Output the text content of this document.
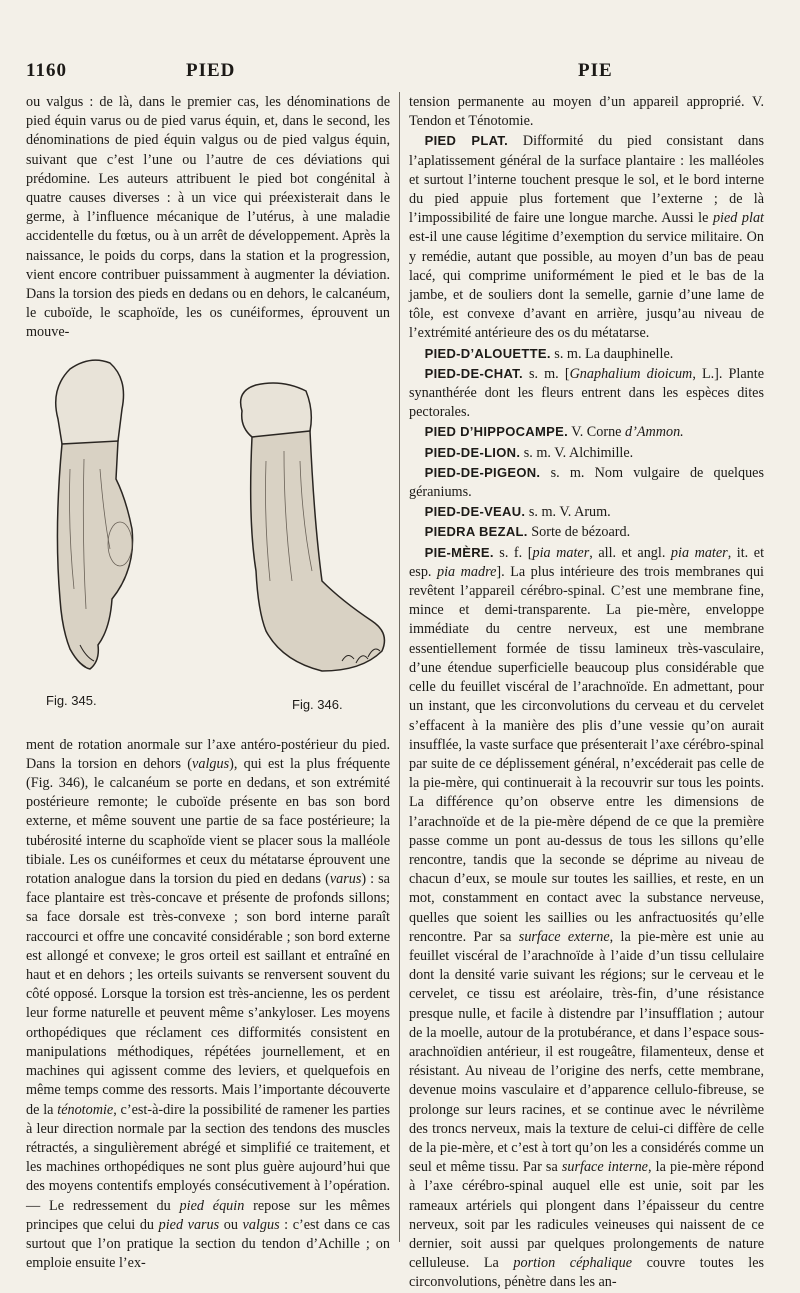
1160	PIED	PIE

ou valgus : de là, dans le premier cas, les dénominations de pied équin varus ou de pied varus équin, et, dans le second, les dénominations de pied équin valgus ou de pied valgus équin, suivant que c’est l’une ou l’autre de ces déviations qui prédomine. Les auteurs attribuent le pied bot congénital à quatre causes diverses : à un vice qui préexisterait dans le germe, à l’influence mécanique de l’utérus, à une maladie accidentelle du fœtus, ou à un arrêt de développement. Après la naissance, le poids du corps, dans la station et la progression, vient encore contribuer puissamment à augmenter la déviation. Dans la torsion des pieds en dedans ou en dehors, le calcanéum, le cuboïde, le scaphoïde, les os cunéiformes, éprouvent un mouve-

Fig. 345.	Fig. 346.

ment de rotation anormale sur l’axe antéro-postérieur du pied. Dans la torsion en dehors (valgus), qui est la plus fréquente (Fig. 346), le calcanéum se porte en dedans, et son extrémité postérieure remonte; le cuboïde présente en bas son bord externe, et même souvent une partie de sa face postérieure; la tubérosité interne du scaphoïde vient se placer sous la malléole tibiale. Les os cunéiformes et ceux du métatarse éprouvent une rotation analogue dans la torsion du pied en dedans (varus) : sa face plantaire est très-concave et présente de profonds sillons; sa face dorsale est très-convexe ; son bord interne paraît raccourci et offre une concavité considérable ; son bord externe est allongé et convexe; le gros orteil est saillant et entraîné en haut et en dehors ; les orteils suivants se renversent souvent du côté opposé. Lorsque la torsion est très-ancienne, les os perdent leur forme naturelle et peuvent même s’ankyloser. Les moyens orthopédiques que réclament ces difformités consistent en manipulations méthodiques, répétées journellement, et en machines qui agissent comme des leviers, et quelquefois en même temps comme des ressorts. Mais l’importante découverte de la ténotomie, c’est-à-dire la possibilité de ramener les parties à leur direction normale par la section des tendons des muscles rétractés, a singulièrement abrégé et simplifié ce traitement, et les machines orthopédiques ne sont plus guère aujourd’hui que des moyens contentifs employés consécutivement à l’opération.— Le redressement du pied équin repose sur les mêmes principes que celui du pied varus ou valgus : c’est dans ce cas surtout que l’on pratique la section du tendon d’Achille ; on emploie ensuite l’ex-

tension permanente au moyen d’un appareil approprié. V. Tendon et Ténotomie.

PIED PLAT. Difformité du pied consistant dans l’aplatissement général de la surface plantaire : les malléoles et surtout l’interne touchent presque le sol, et le bord interne du pied appuie plus fortement que l’externe ; de là l’impossibilité de faire une longue marche. Aussi le pied plat est-il une cause légitime d’exemption du service militaire. On y remédie, autant que possible, au moyen d’un bas de peau lacé, qui comprime uniformément le pied et le bas de la jambe, et de souliers dont la semelle, garnie d’une lame de tôle, est convexe d’avant en arrière, jusqu’au niveau de l’extrémité antérieure des os du métatarse.

PIED-D’ALOUETTE. s. m. La dauphinelle.

PIED-DE-CHAT. s. m. [Gnaphalium dioicum, L.]. Plante synanthérée dont les fleurs entrent dans les espèces dites pectorales.

PIED D’HIPPOCAMPE. V. Corne d’Ammon.

PIED-DE-LION. s. m. V. Alchimille.

PIED-DE-PIGEON. s. m. Nom vulgaire de quelques géraniums.

PIED-DE-VEAU. s. m. V. Arum.

PIEDRA BEZAL. Sorte de bézoard.

PIE-MÈRE. s. f. [pia mater, all. et angl. pia mater, it. et esp. pia madre]. La plus intérieure des trois membranes qui revêtent l’appareil cérébro-spinal. C’est une membrane fine, mince et demi-transparente. La pie-mère, enveloppe immédiate du centre nerveux, est une membrane essentiellement formée de tissu lamineux très-vasculaire, d’une étendue superficielle beaucoup plus considérable que celle du feuillet viscéral de l’arachnoïde. En admettant, pour un instant, que les circonvolutions du cerveau et du cervelet s’effacent à la manière des plis d’une vessie qu’on aurait insufflée, la vaste surface que présenterait l’axe cérébro-spinal par suite de ce déplissement général, n’excéderait pas celle de la pie-mère, qui continuerait à la recouvrir sur tous les points. La différence qu’on observe entre les dimensions de l’arachnoïde et de la pie-mère dépend de ce que la première passe comme un pont au-dessus de tous les sillons qu’elle rencontre, tandis que la seconde se déprime au niveau de chacun d’eux, se moule sur toutes les saillies, et reste, en un mot, constamment en contact avec la substance nerveuse, quelles que soient les saillies ou les anfractuosités qu’elle rencontre. Par sa surface externe, la pie-mère est unie au feuillet viscéral de l’arachnoïde à l’aide d’un tissu cellulaire dont la densité varie suivant les régions; sur le cerveau et le cervelet, ce tissu est aréolaire, très-fin, d’une résistance presque nulle, et facile à distendre par l’insufflation ; autour de la moelle, autour de la protubérance, et dans l’espace sous-arachnoïdien antérieur, il est rougeâtre, filamenteux, dense et résistant. Au niveau de l’origine des nerfs, cette membrane, devenue moins vasculaire et d’apparence cellulo-fibreuse, se prolonge sur leurs racines, et se continue avec le névrilème des troncs nerveux, mais la texture de celui-ci diffère de celle de la pie-mère, et c’est à tort qu’on les a considérés comme un seul et même tissu. Par sa surface interne, la pie-mère répond à l’axe cérébro-spinal auquel elle est unie, soit par les rameaux artériels qui plongent dans l’épaisseur du centre nerveux, soit par les radicules veineuses qui naissent de ce dernier, soit aussi par quelques prolongements de nature celluleuse. La portion céphalique couvre toutes les circonvolutions, pénètre dans les an-
